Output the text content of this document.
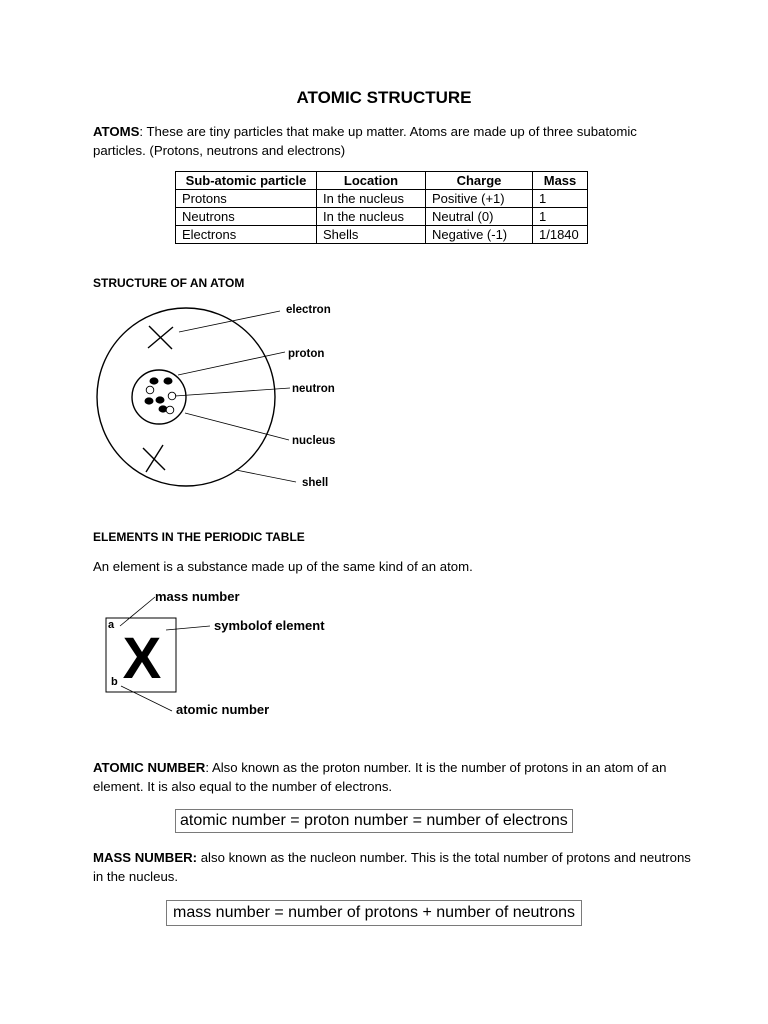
ATOMIC STRUCTURE
ATOMS: These are tiny particles that make up matter. Atoms are made up of three subatomic particles. (Protons, neutrons and electrons)
Sub-atomic particle	Location	Charge	Mass
Protons	In the nucleus	Positive (+1)	1
Neutrons	In the nucleus	Neutral (0)	1
Electrons	Shells	Negative (-1)	1/1840
STRUCTURE OF AN ATOM
electron
proton
neutron
nucleus
shell
X
a
b
mass number
symbolof element
atomic number
ELEMENTS IN THE PERIODIC TABLE
An element is a substance made up of the same kind of an atom.
ATOMIC NUMBER: Also known as the proton number. It is the number of protons in an atom of an element. It is also equal to the number of electrons.
atomic number = proton number = number of electrons
MASS NUMBER: also known as the nucleon number. This is the total number of protons and neutrons in the nucleus.
mass number = number of protons + number of neutrons
